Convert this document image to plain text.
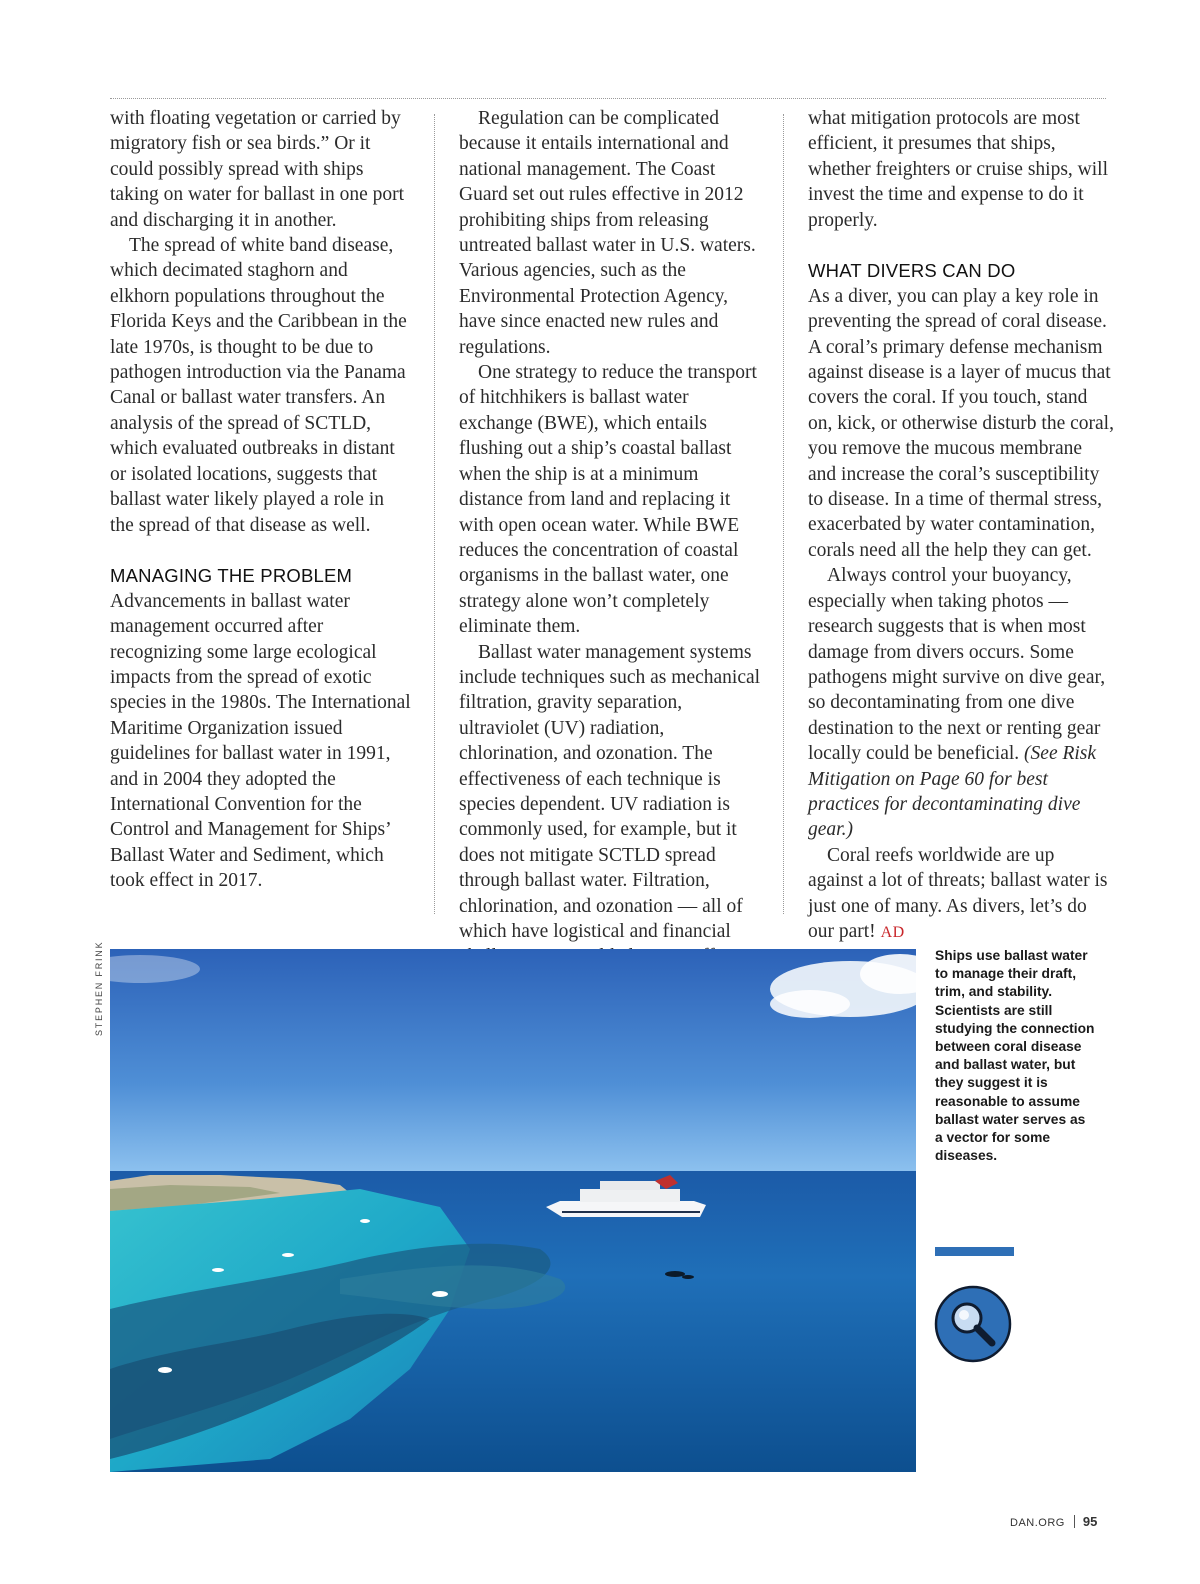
with floating vegetation or carried by migratory fish or sea birds.” Or it could possibly spread with ships taking on water for ballast in one port and discharging it in another.

The spread of white band disease, which decimated staghorn and elkhorn populations throughout the Florida Keys and the Caribbean in the late 1970s, is thought to be due to pathogen introduction via the Panama Canal or ballast water transfers. An analysis of the spread of SCTLD, which evaluated outbreaks in distant or isolated locations, suggests that ballast water likely played a role in the spread of that disease as well.

MANAGING THE PROBLEM

Advancements in ballast water management occurred after recognizing some large ecological impacts from the spread of exotic species in the 1980s. The International Maritime Organization issued guidelines for ballast water in 1991, and in 2004 they adopted the International Convention for the Control and Management for Ships’ Ballast Water and Sediment, which took effect in 2017.

Regulation can be complicated because it entails international and national management. The Coast Guard set out rules effective in 2012 prohibiting ships from releasing untreated ballast water in U.S. waters. Various agencies, such as the Environmental Protection Agency, have since enacted new rules and regulations.

One strategy to reduce the transport of hitchhikers is ballast water exchange (BWE), which entails flushing out a ship’s coastal ballast when the ship is at a minimum distance from land and replacing it with open ocean water. While BWE reduces the concentration of coastal organisms in the ballast water, one strategy alone won’t completely eliminate them.

Ballast water management systems include techniques such as mechanical filtration, gravity separation, ultraviolet (UV) radiation, chlorination, and ozonation. The effectiveness of each technique is species dependent. UV radiation is commonly used, for example, but it does not mitigate SCTLD spread through ballast water. Filtration, chlorination, and ozonation — all of which have logistical and financial

what mitigation protocols are most efficient, it presumes that ships, whether freighters or cruise ships, will invest the time and expense to do it properly.

WHAT DIVERS CAN DO

As a diver, you can play a key role in preventing the spread of coral disease. A coral’s primary defense mechanism against disease is a layer of mucus that covers the coral. If you touch, stand on, kick, or otherwise disturb the coral, you remove the mucous membrane and increase the coral’s susceptibility to disease. In a time of thermal stress, exacerbated by water contamination, corals need all the help they can get.

Always control your buoyancy, especially when taking photos — research suggests that is when most damage from divers occurs. Some pathogens might survive on dive gear, so decontaminating from one dive destination to the next or renting gear locally could be beneficial. (See Risk Mitigation on Page 60 for best practices for decontaminating dive gear.)

Coral reefs worldwide are up against a lot of threats; ballast water is just one of many. As divers, let’s do our part! AD

STEPHEN FRINK	Ships use ballast water to manage their draft, trim, and stability. Scientists are still studying the connection between coral disease and ballast water, but they suggest it is reasonable to assume ballast water serves as a vector for some diseases.
DAN.ORG 95
